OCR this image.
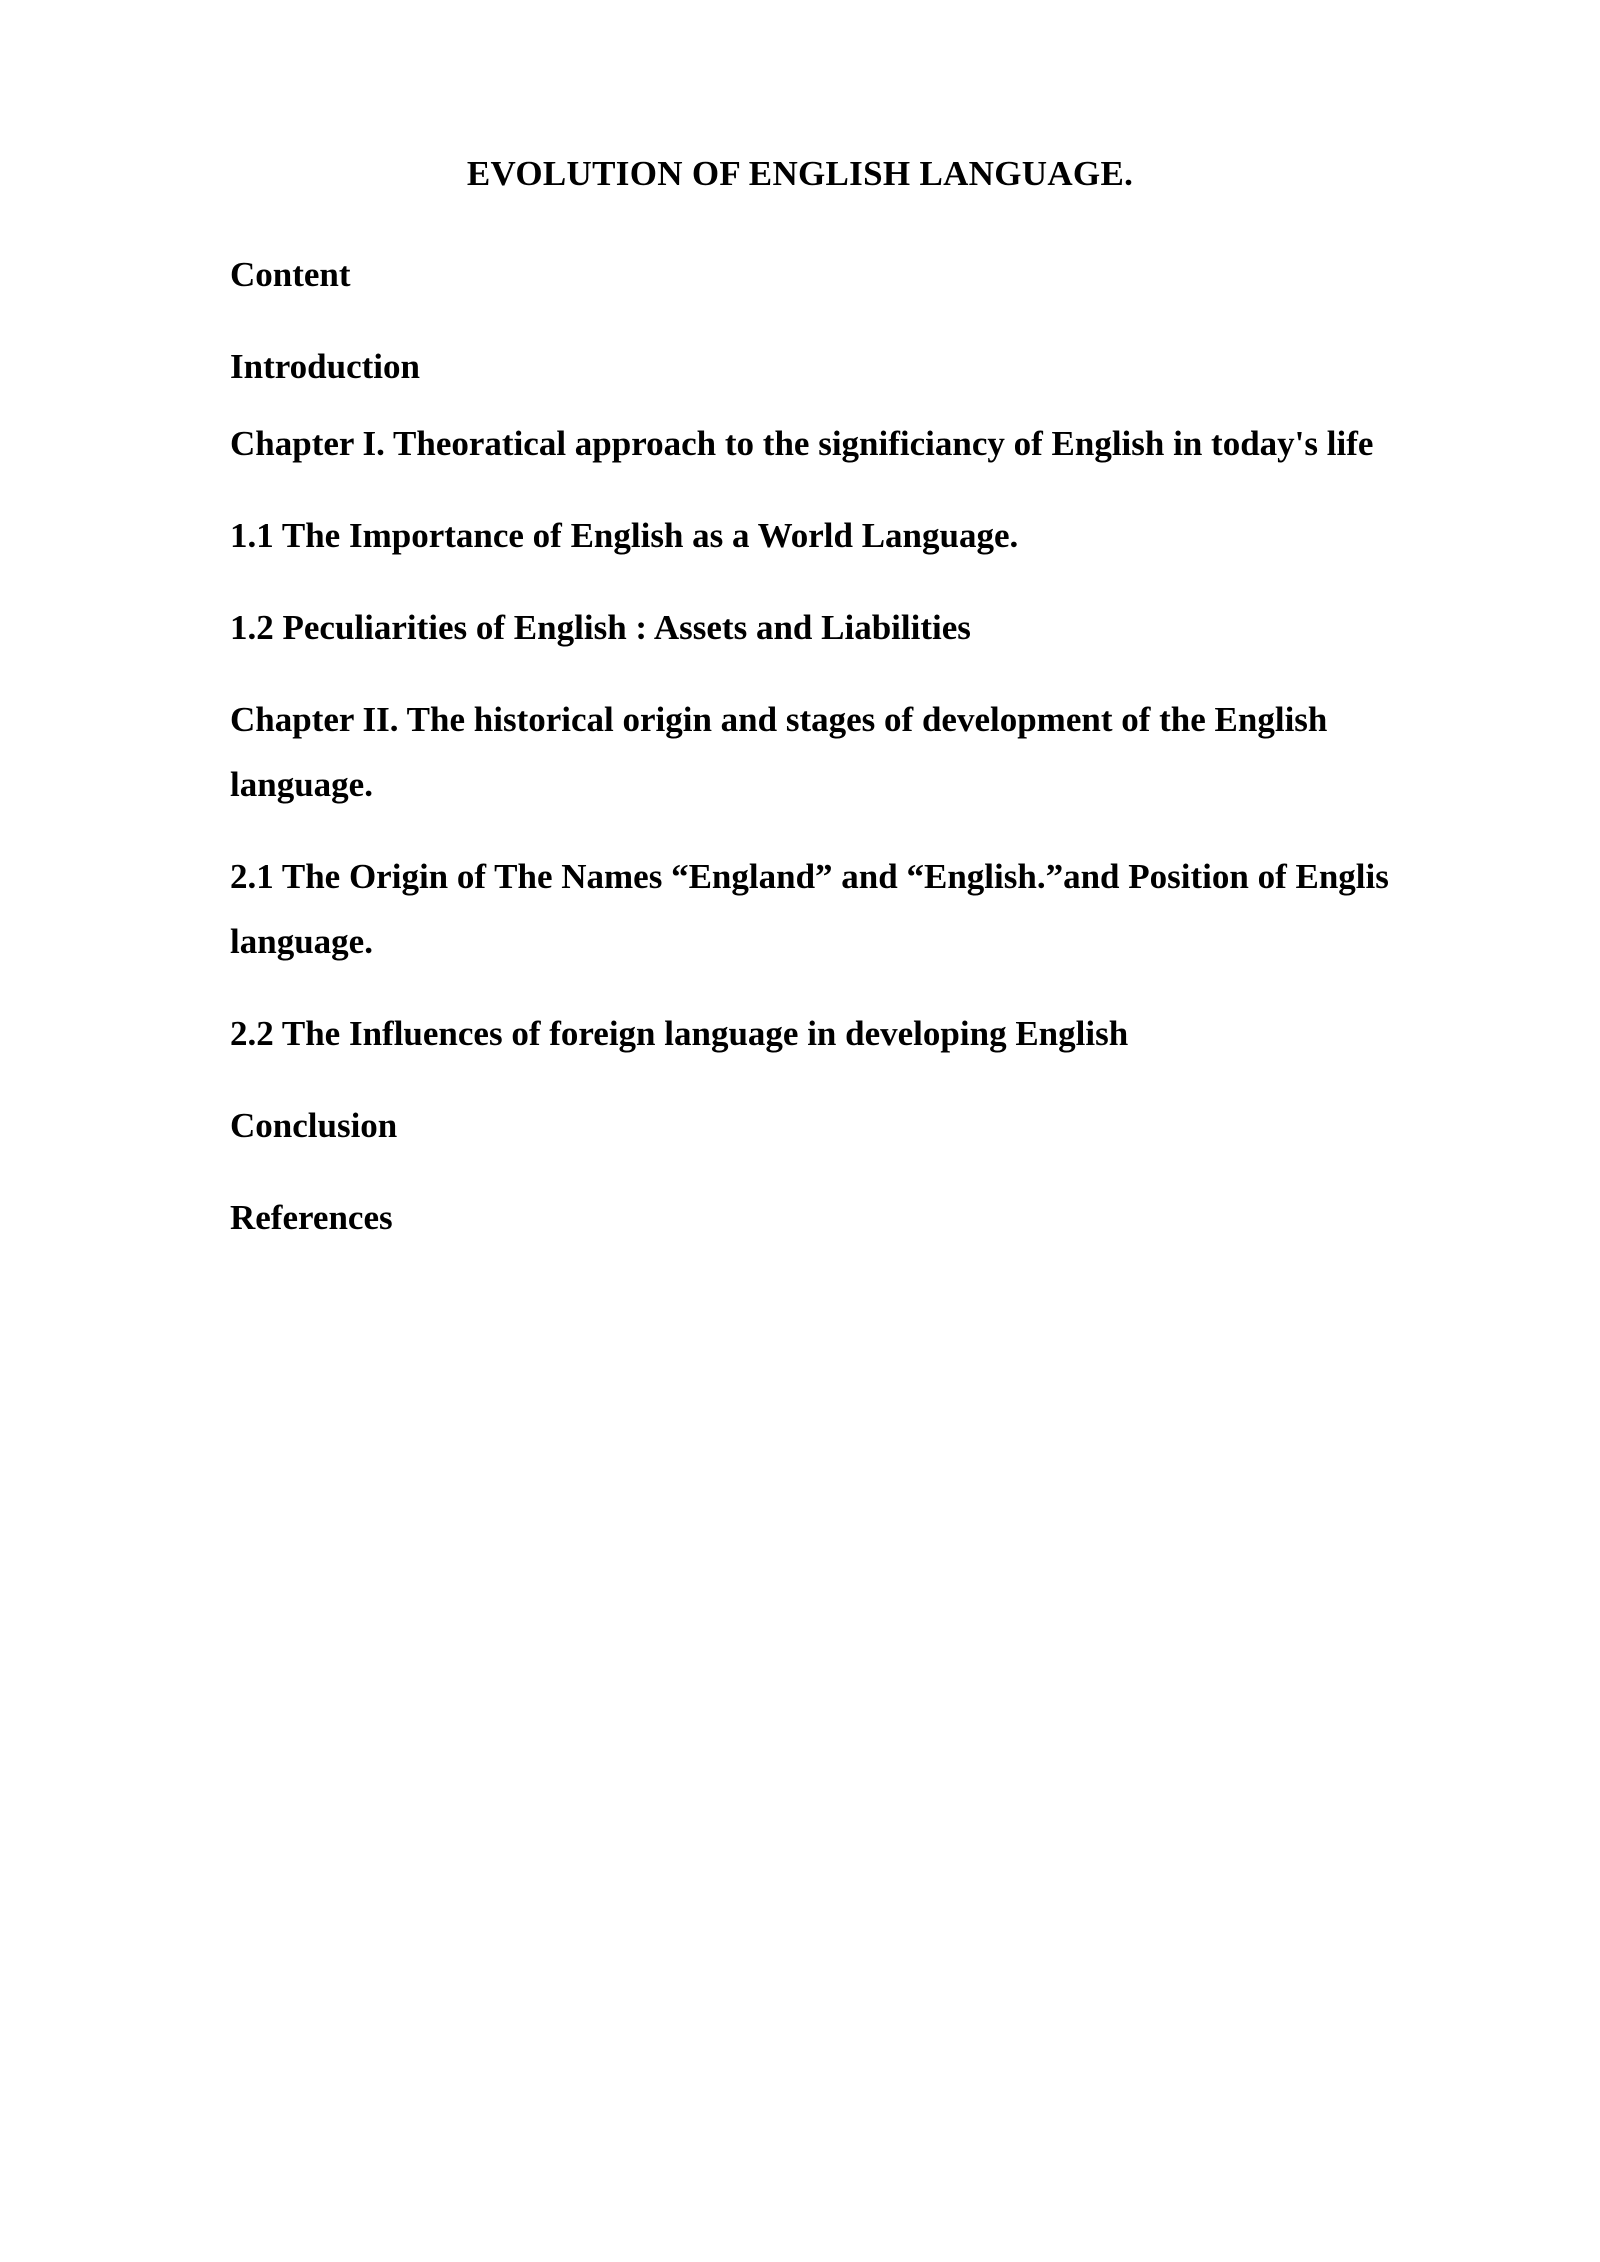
EVOLUTION OF ENGLISH LANGUAGE.
Content
Introduction
Chapter I. Theoratical approach to the significiancy of English in today's life
1.1 The Importance of English as a World Language.
1.2 Peculiarities of English : Assets and Liabilities
Chapter II. The historical origin and stages of development of the English
language.
2.1 The Origin of The Names “England” and “English.”and Position of Englis
language.
2.2 The Influences of foreign language in developing English
Conclusion
References
